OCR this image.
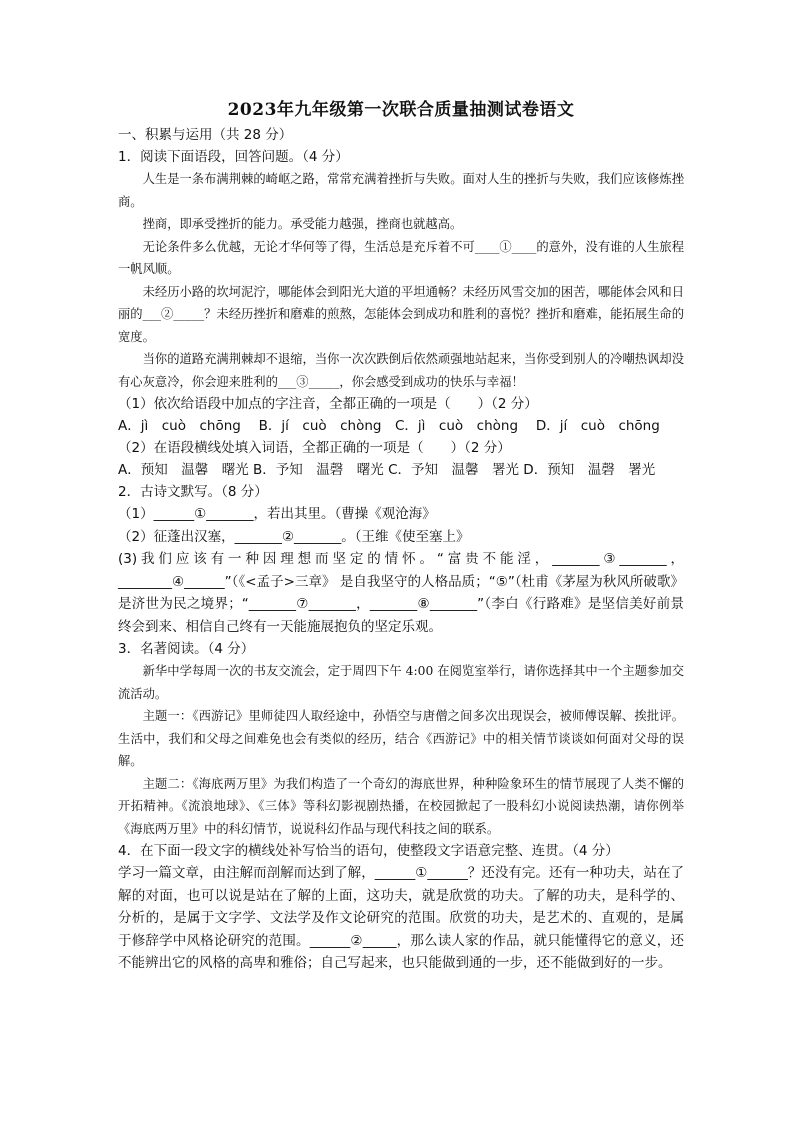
2023年九年级第一次联合质量抽测试卷语文

一、积累与运用（共 28 分）

1．阅读下面语段，回答问题。（4 分）

人生是一条布满荆棘的崎岖之路，常常充满着挫折与失败。面对人生的挫折与失败，我们应该修炼挫商。

挫商，即承受挫折的能力。承受能力越强，挫商也就越高。

无论条件多么优越，无论才华何等了得，生活总是充斥着不可____①____的意外，没有谁的人生旅程一帆风顺。

未经历小路的坎坷泥泞，哪能体会到阳光大道的平坦通畅？未经历风雪交加的困苦，哪能体会风和日丽的___②_____？未经历挫折和磨难的煎熬，怎能体会到成功和胜利的喜悦？挫折和磨难，能拓展生命的宽度。

当你的道路充满荆棘却不退缩，当你一次次跌倒后依然顽强地站起来，当你受到别人的冷嘲热讽却没有心灰意冷，你会迎来胜利的___③_____，你会感受到成功的快乐与幸福！

（1）依次给语段中加点的字注音，全都正确的一项是（　　）（2 分）

A．jì　cuò　chōng　 B．jí　cuò　chòng　C．jì　cuò　chòng　 D．jí　cuò　chōng

（2）在语段横线处填入词语，全都正确的一项是（　　）（2 分）

A．预知　温馨　曙光 B．予知　温磬　曙光 C．予知　温馨　署光 D．预知　温磬　署光

2．古诗文默写。（8 分）

（1）______①_______，若出其里。（曹操《观沧海》

（2）征蓬出汉塞，_______②_______。（王维《使至塞上》

(3)我们应该有一种因理想而坚定的情怀。“富贵不能淫，_______③_______， ________④______”（《<孟子>三章》 是自我坚守的人格品质；“⑤”（杜甫《茅屋为秋风所破歌》是济世为民之境界；“_______⑦_______，_______⑧_______”（李白《行路难》是坚信美好前景终会到来、相信自己终有一天能施展抱负的坚定乐观。

3．名著阅读。（4 分）

新华中学每周一次的书友交流会，定于周四下午 4:00 在阅览室举行，请你选择其中一个主题参加交流活动。

主题一：《西游记》里师徒四人取经途中，孙悟空与唐僧之间多次出现误会，被师傅误解、挨批评。生活中，我们和父母之间难免也会有类似的经历，结合《西游记》中的相关情节谈谈如何面对父母的误解。

主题二：《海底两万里》为我们构造了一个奇幻的海底世界，种种险象环生的情节展现了人类不懈的开拓精神。《流浪地球》、《三体》等科幻影视剧热播，在校园掀起了一股科幻小说阅读热潮，请你例举《海底两万里》中的科幻情节，说说科幻作品与现代科技之间的联系。

4．在下面一段文字的横线处补写恰当的语句，使整段文字语意完整、连贯。（4 分）

学习一篇文章，由注解而剖解而达到了解，______①______？还没有完。还有一种功夫，站在了解的对面，也可以说是站在了解的上面，这功夫，就是欣赏的功夫。了解的功夫，是科学的、分析的，是属于文字学、文法学及作文论研究的范围。欣赏的功夫，是艺术的、直观的，是属于修辞学中风格论研究的范围。______②_____，那么读人家的作品，就只能懂得它的意义，还不能辨出它的风格的高卑和雅俗；自己写起来，也只能做到通的一步，还不能做到好的一步。
